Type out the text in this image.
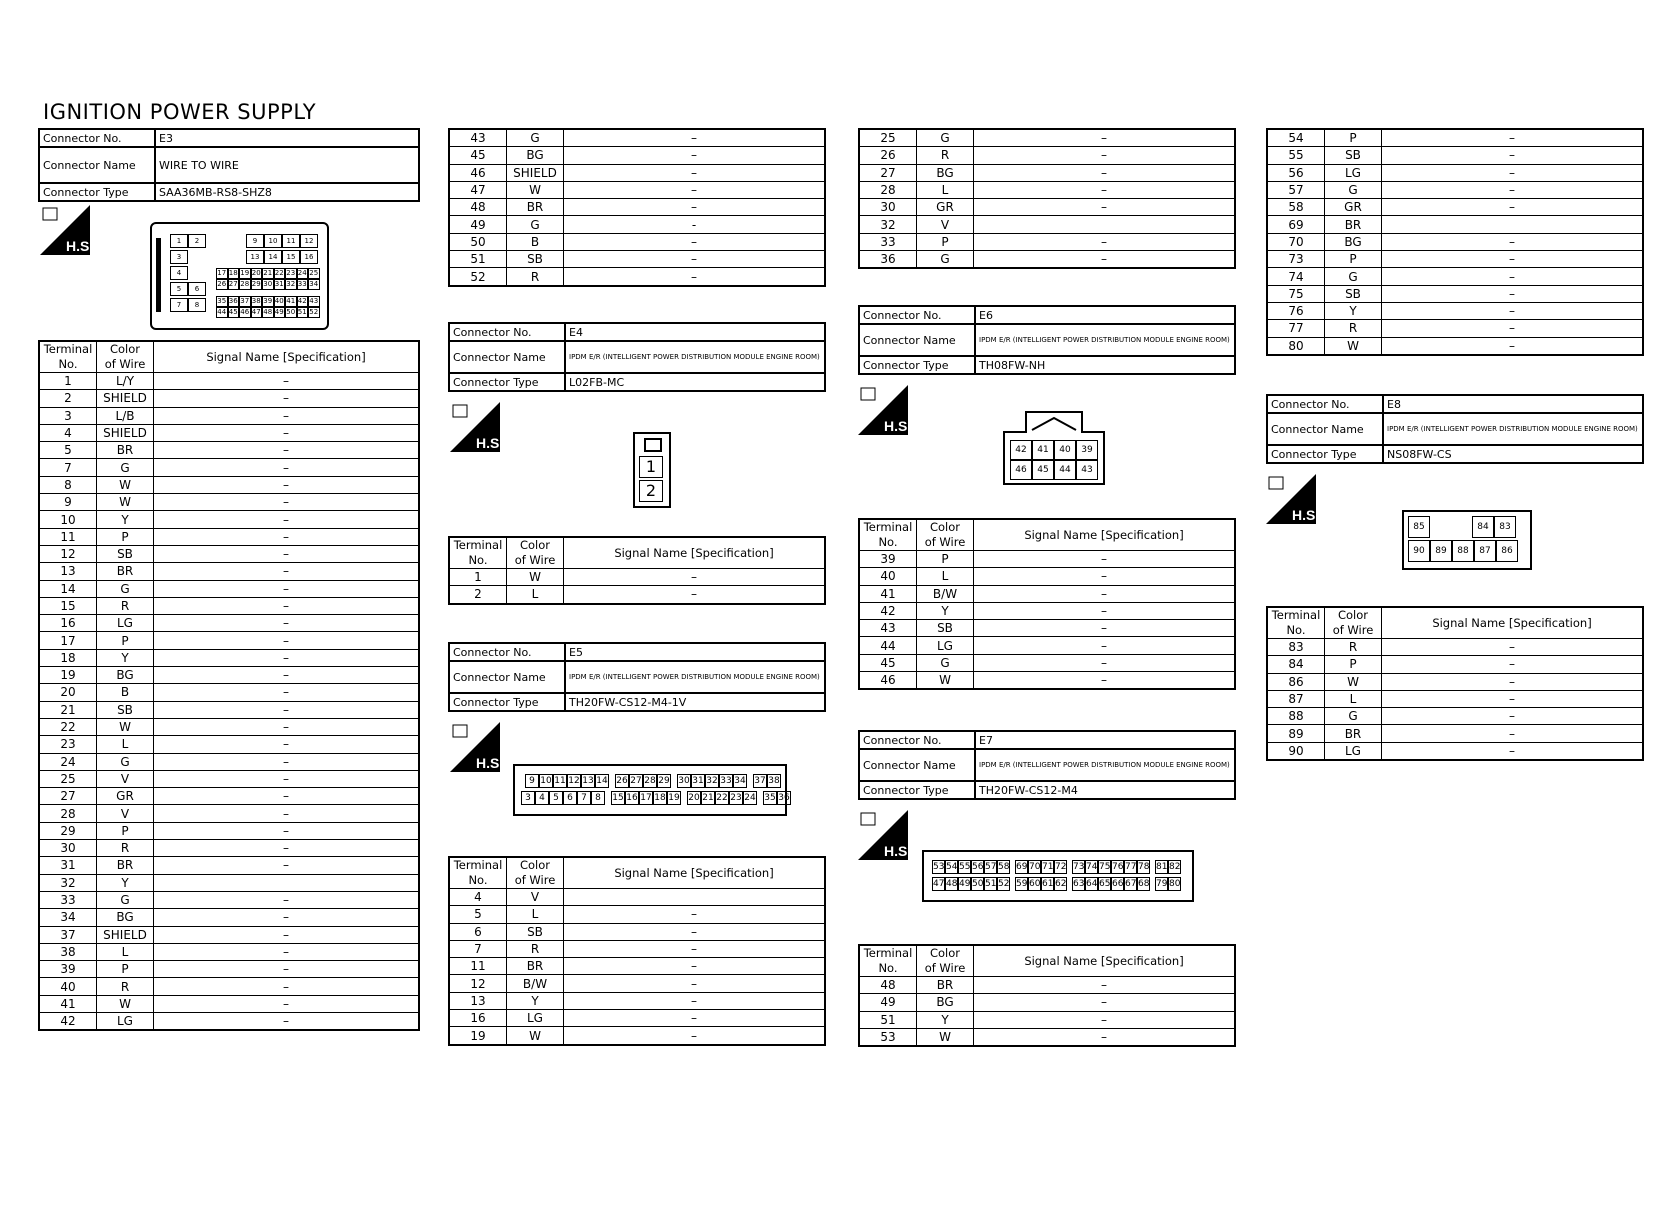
IGNITION POWER SUPPLY
Connector No.	E3
Connector Name	WIRE TO WIRE
Connector Type	SAA36MB-RS8-SHZ8
H.S.	1	2
3
4
5	6
7	8
9	10	11	12
13	14	15	16
17 18 19 20 21 22 23 24 25
26 27 28 29 30 31 32 33 34
35 36 37 38 39 40 41 42 43
44 45 46 47 48 49 50 51 52
Terminal
No.	Color
of Wire	Signal Name [Specification]
1	L/Y	–
2	SHIELD	–
3	L/B	–
4	SHIELD	–
5	BR	–
7	G	–
8	W	–
9	W	–
10	Y	–
11	P	–
12	SB	–
13	BR	–
14	G	–
15	R	–
16	LG	–
17	P	–
18	Y	–
19	BG	–
20	B	–
21	SB	–
22	W	–
23	L	–
24	G	–
25	V	–
27	GR	–
28	V	–
29	P	–
30	R	–
31	BR	–
32	Y	
33	G	–
34	BG	–
37	SHIELD	–
38	L	–
39	P	–
40	R	–
41	W	–
42	LG	–
43	G	–
45	BG	–
46	SHIELD	–
47	W	–
48	BR	–
49	G	-
50	B	–
51	SB	–
52	R	–
Connector No.	E4
Connector Name	IPDM E/R (INTELLIGENT POWER DISTRIBUTION MODULE ENGINE ROOM)
Connector Type	L02FB-MC
H.S.
1
2
Terminal
No.	Color
of Wire	Signal Name [Specification]
1	W	–
2	L	–
Connector No.	E5
Connector Name	IPDM E/R (INTELLIGENT POWER DISTRIBUTION MODULE ENGINE ROOM)
Connector Type	TH20FW-CS12-M4-1V
H.S.
9 10 11 12 13 14 26 27 28 29 30 31 32 33 34 37 38
3 4 5 6 7 8	15 16 17 18 19 20 21 22 23 24 35 36
Terminal
No.	Color
of Wire	Signal Name [Specification]
4	V	
5	L	–
6	SB	–
7	R	–
11	BR	–
12	B/W	–
13	Y	–
16	LG	–
19	W	–
25	G	–
26	R	–
27	BG	–
28	L	–
30	GR	–
32	V	
33	P	–
36	G	–
Connector No.	E6
Connector Name	IPDM E/R (INTELLIGENT POWER DISTRIBUTION MODULE ENGINE ROOM)
Connector Type	TH08FW-NH
H.S.
42	41	40	39
46	45	44	43
Terminal
No.	Color
of Wire	Signal Name [Specification]
39	P	–
40	L	–
41	B/W	–
42	Y	–
43	SB	–
44	LG	–
45	G	–
46	W	–
Connector No.	E7
Connector Name	IPDM E/R (INTELLIGENT POWER DISTRIBUTION MODULE ENGINE ROOM)
Connector Type	TH20FW-CS12-M4
H.S.
53 54 55 56 57 58 69 70 71 72 73 74 75 76 77 78 81 82
47 48 49 50 51 52 59 60 61 62 63 64 65 66 67 68 79 80
Terminal
No.	Color
of Wire	Signal Name [Specification]
48	BR	–
49	BG	–
51	Y	–
53	W	–
54	P	–
55	SB	–
56	LG	–
57	G	–
58	GR	–
69	BR	
70	BG	–
73	P	–
74	G	–
75	SB	–
76	Y	–
77	R	–
80	W	–
Connector No.	E8
Connector Name	IPDM E/R (INTELLIGENT POWER DISTRIBUTION MODULE ENGINE ROOM)
Connector Type	NS08FW-CS
H.S.
85	84	83
90	89	88	87	86
Terminal
No.	Color
of Wire	Signal Name [Specification]
83	R	–
84	P	–
86	W	–
87	L	–
88	G	–
89	BR	–
90	LG	–
